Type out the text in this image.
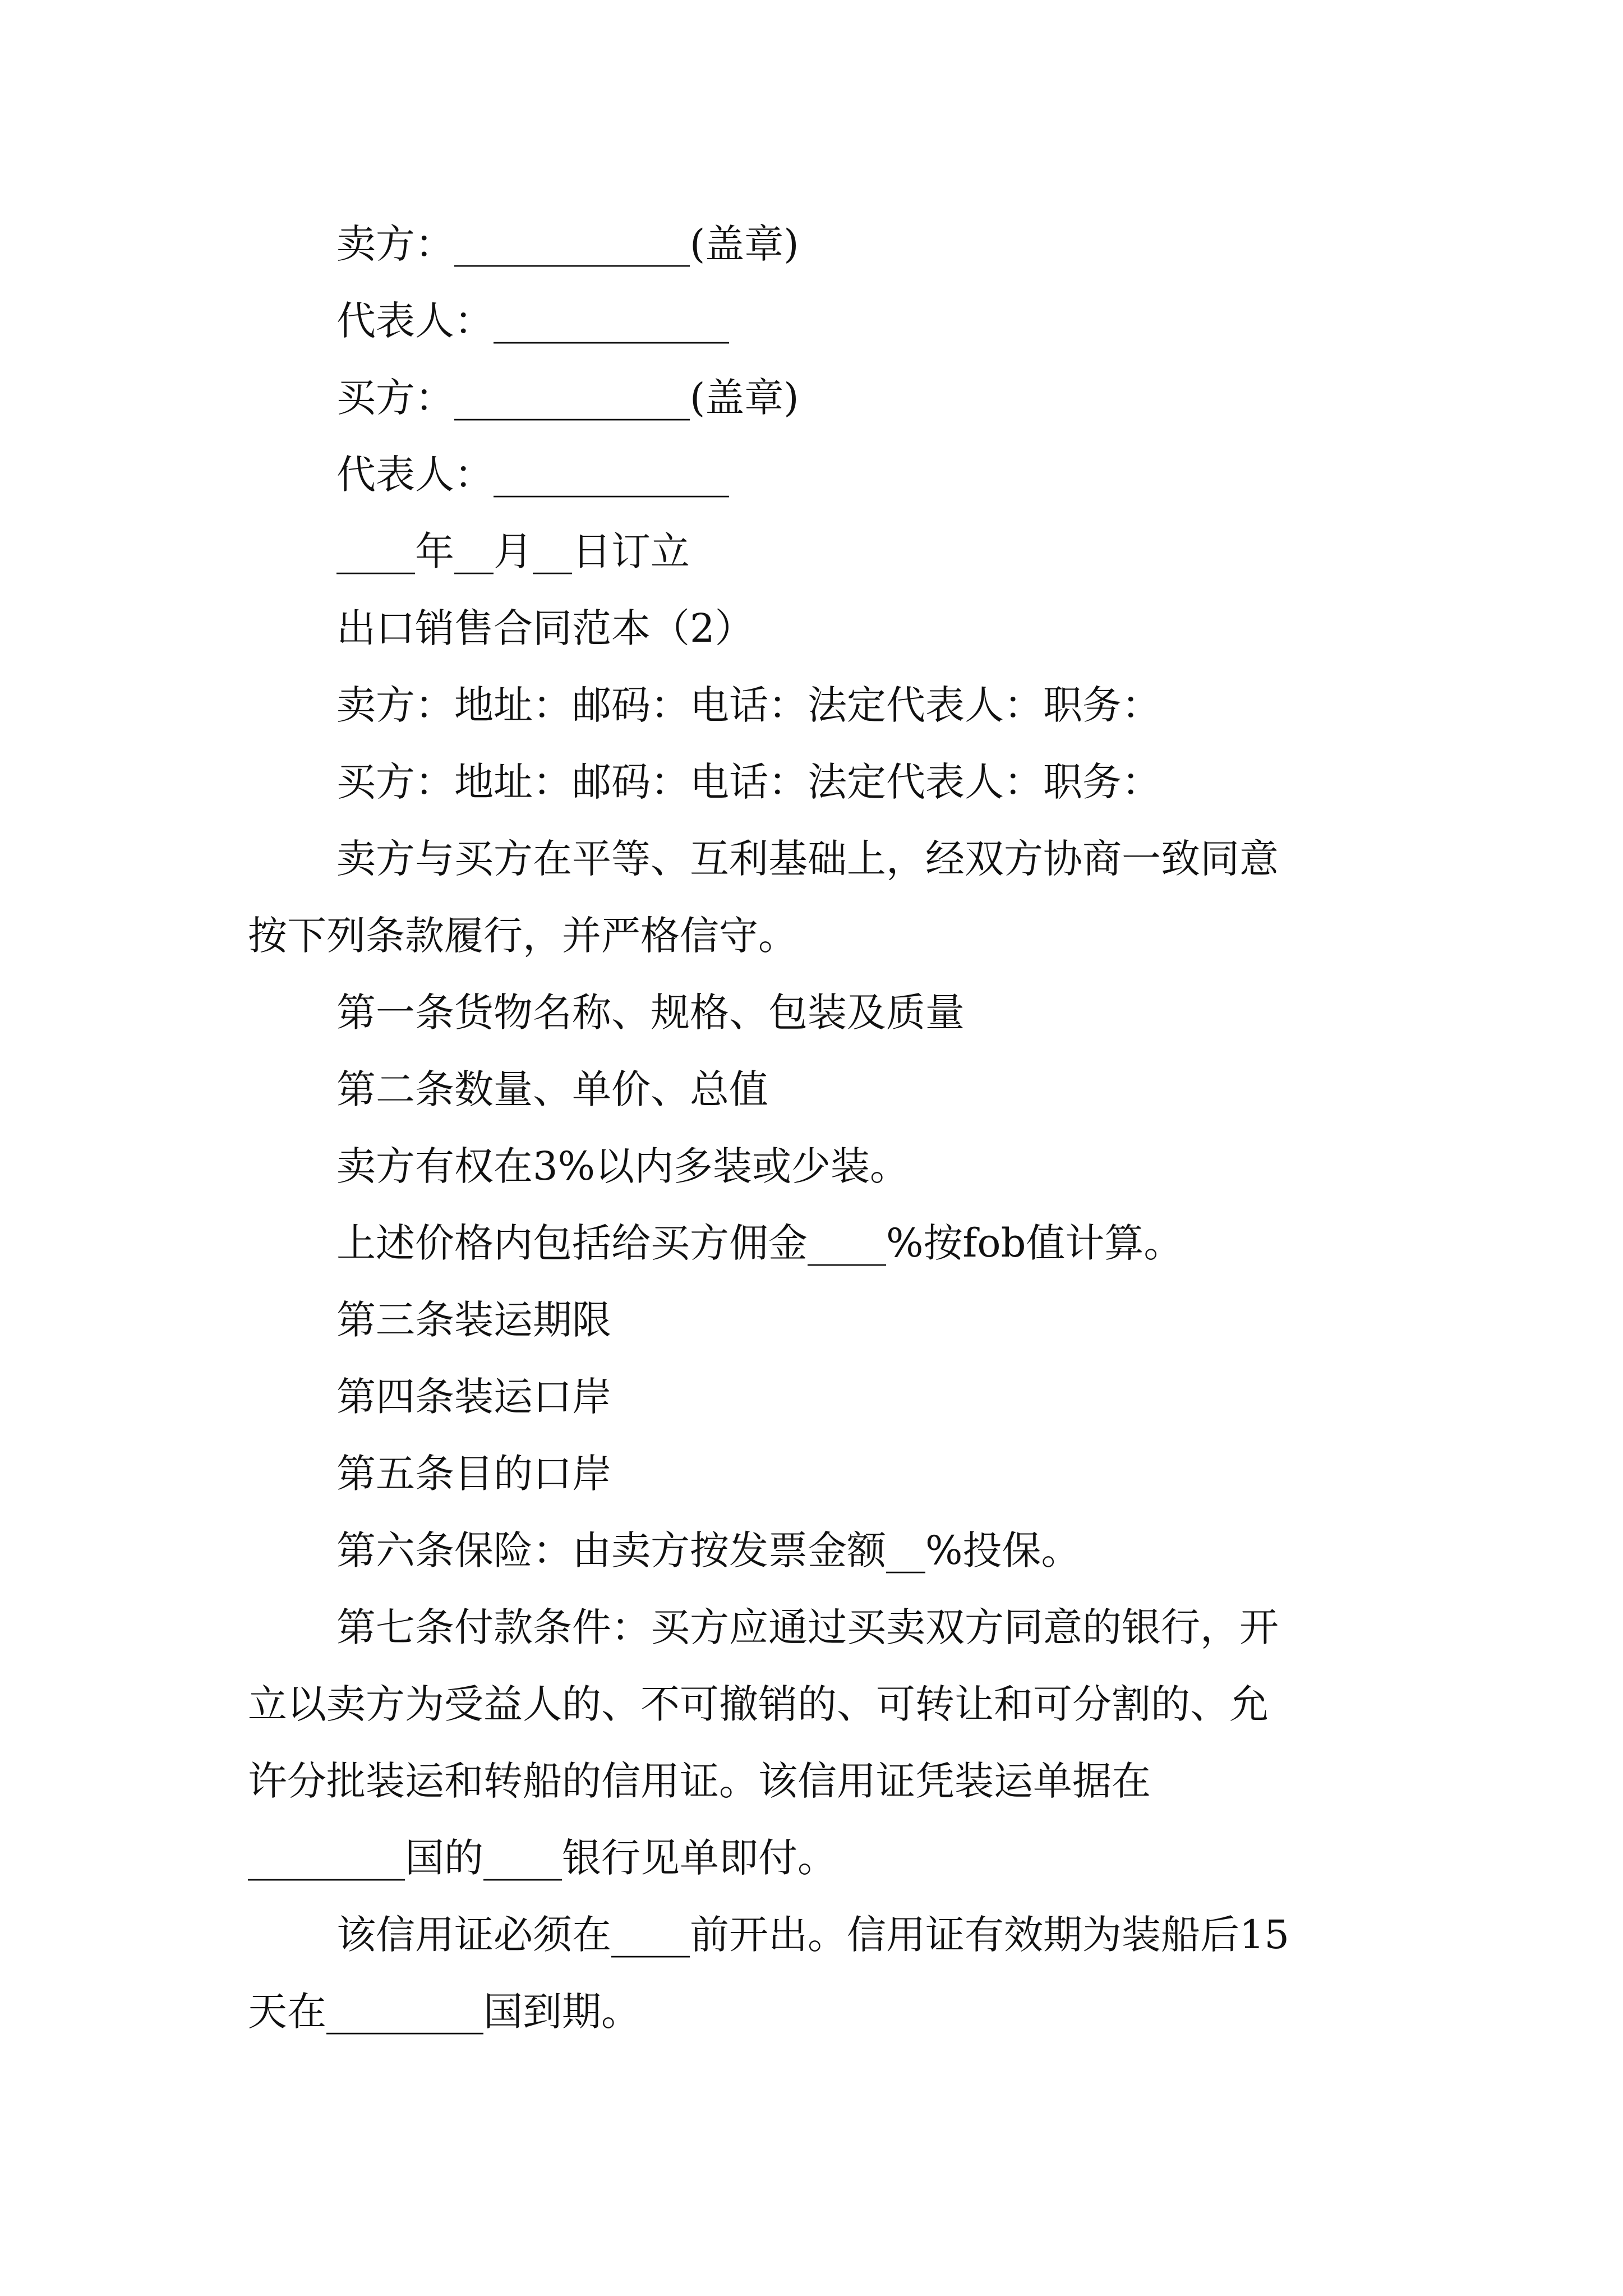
卖方：____________(盖章)
代表人：____________
买方：____________(盖章)
代表人：____________
____年__月__日订立
出口销售合同范本（2）
卖方：地址：邮码：电话：法定代表人：职务：
买方：地址：邮码：电话：法定代表人：职务：
卖方与买方在平等、互利基础上，经双方协商一致同意
按下列条款履行，并严格信守。
第一条货物名称、规格、包装及质量
第二条数量、单价、总值
卖方有权在3%以内多装或少装。
上述价格内包括给买方佣金____%按fob值计算。
第三条装运期限
第四条装运口岸
第五条目的口岸
第六条保险：由卖方按发票金额__%投保。
第七条付款条件：买方应通过买卖双方同意的银行，开
立以卖方为受益人的、不可撤销的、可转让和可分割的、允
许分批装运和转船的信用证。该信用证凭装运单据在
________国的____银行见单即付。
该信用证必须在____前开出。信用证有效期为装船后15
天在________国到期。
